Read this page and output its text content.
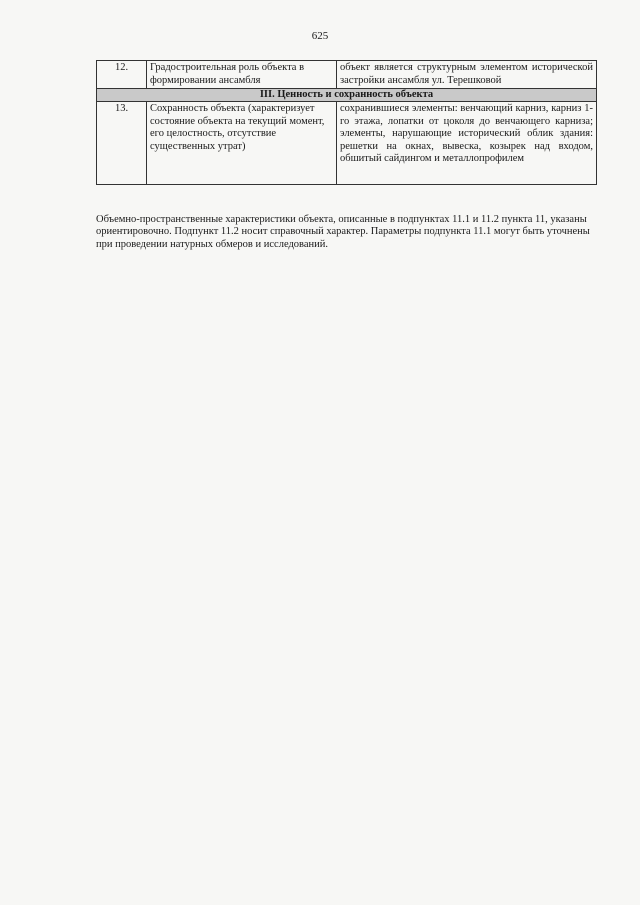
625
12.	Градостроительная роль объекта в формировании ансамбля	объект является структурным элементом исторической застройки ансамбля ул. Терешковой
III. Ценность и сохранность объекта		
13.	Сохранность объекта (характеризует состояние объекта на текущий момент, его целостность, отсутствие существенных утрат)	сохранившиеся элементы: венчающий карниз, карниз 1-го этажа, лопатки от цоколя до венчающего карниза; элементы, нарушающие исторический облик здания: решетки на окнах, вывеска, козырек над входом, обшитый сайдингом и металлопрофилем

Объемно-пространственные характеристики объекта, описанные в подпунктах 11.1 и 11.2 пункта 11, указаны ориентировочно. Подпункт 11.2 носит справочный характер. Параметры подпункта 11.1 могут быть уточнены при проведении натурных обмеров и исследований.
